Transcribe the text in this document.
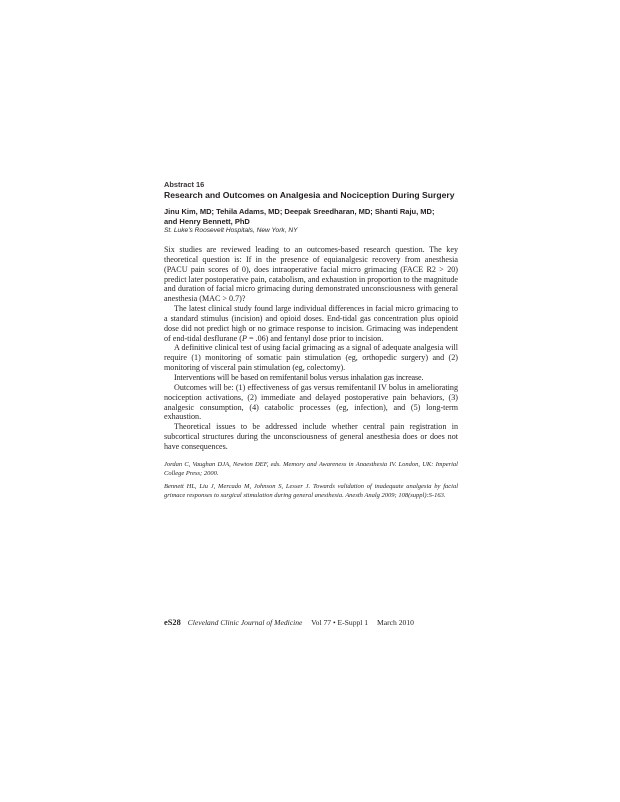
Abstract 16
Research and Outcomes on Analgesia and Nociception During Surgery
Jinu Kim, MD; Tehila Adams, MD; Deepak Sreedharan, MD; Shanti Raju, MD;
and Henry Bennett, PhD
St. Luke’s Roosevelt Hospitals, New York, NY

Six studies are reviewed leading to an outcomes-based research question. The key theoretical question is: If in the presence of equianalgesic recovery from anesthesia (PACU pain scores of 0), does intraoperative facial micro grimacing (FACE R2 > 20) predict later postoperative pain, catabolism, and exhaustion in proportion to the magnitude and duration of facial micro grimacing during demonstrated unconsciousness with general anesthesia (MAC > 0.7)?

The latest clinical study found large individual differences in facial micro grimacing to a standard stimulus (incision) and opioid doses. End-tidal gas concentration plus opioid dose did not predict high or no grimace response to incision. Grimacing was independent of end-tidal desflurane (P = .06) and fentanyl dose prior to incision.

A definitive clinical test of using facial grimacing as a signal of adequate analgesia will require (1) monitoring of somatic pain stimulation (eg, orthopedic surgery) and (2) monitoring of visceral pain stimulation (eg, colectomy).

Interventions will be based on remifentanil bolus versus inhalation gas increase.

Outcomes will be: (1) effectiveness of gas versus remifentanil IV bolus in ameliorating nociception activations, (2) immediate and delayed postoperative pain behaviors, (3) analgesic consumption, (4) catabolic processes (eg, infection), and (5) long-term exhaustion.

Theoretical issues to be addressed include whether central pain registration in subcortical structures during the unconsciousness of general anesthesia does or does not have consequences.

Jordan C, Vaughan DJA, Newton DEF, eds. Memory and Awareness in Anaesthesia IV. London, UK: Imperial College Press; 2000.

Bennett HL, Liu J, Mercado M, Johnson S, Lesser J. Towards validation of inadequate analgesia by facial grimace responses to surgical stimulation during general anesthesia. Anesth Analg 2009; 108(suppl):S-163.

eS28 Cleveland Clinic Journal of Medicine Vol 77 • E-Suppl 1 March 2010
